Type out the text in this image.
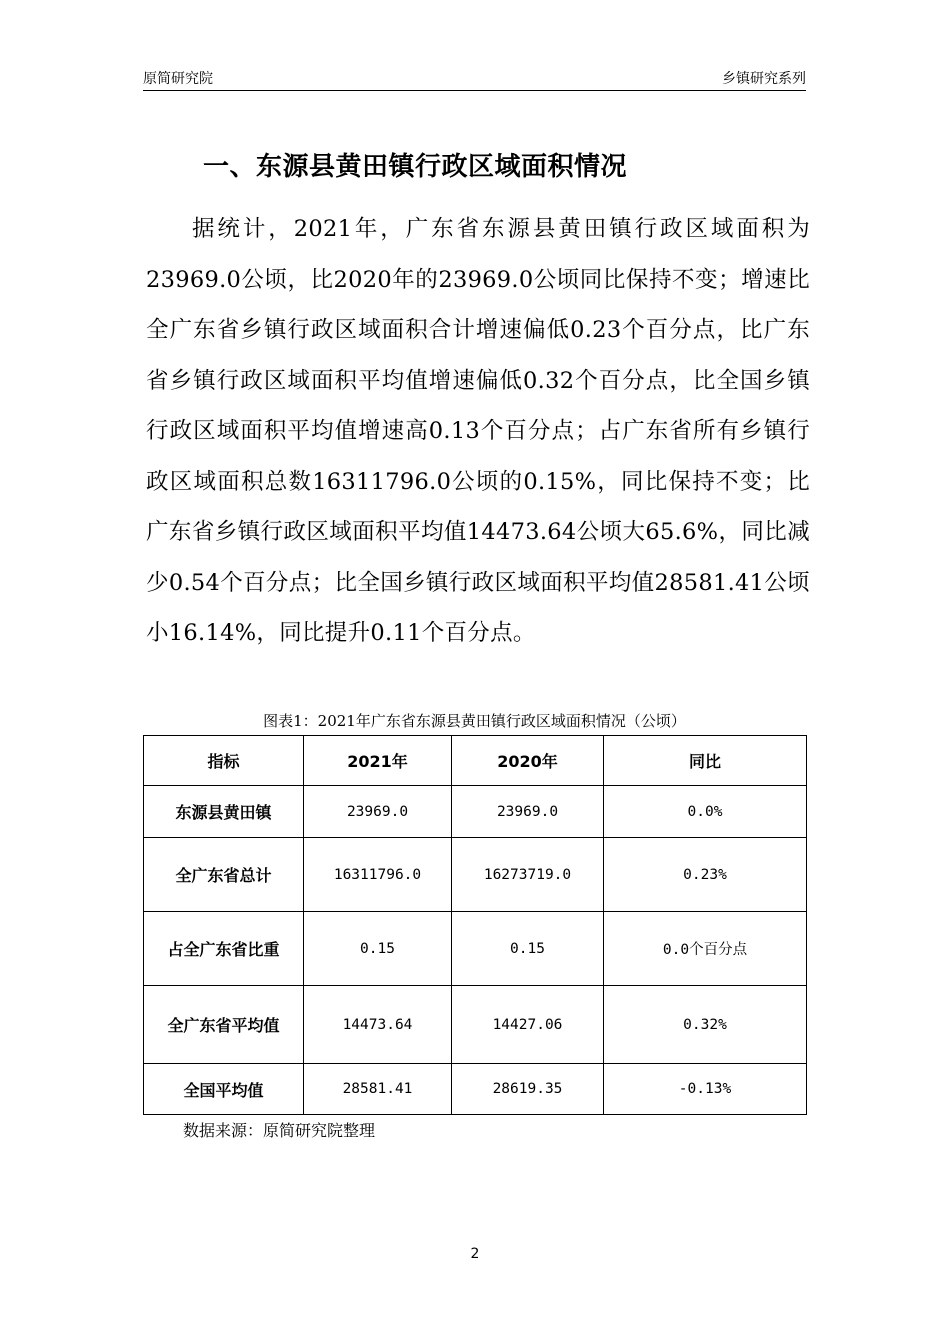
原简研究院	乡镇研究系列
一、东源县黄田镇行政区域面积情况

据统计，2021年，广东省东源县黄田镇行政区域面积为23969.0公顷，比2020年的23969.0公顷同比保持不变；增速比全广东省乡镇行政区域面积合计增速偏低0.23个百分点，比广东省乡镇行政区域面积平均值增速偏低0.32个百分点，比全国乡镇行政区域面积平均值增速高0.13个百分点；占广东省所有乡镇行政区域面积总数16311796.0公顷的0.15%，同比保持不变；比广东省乡镇行政区域面积平均值14473.64公顷大65.6%，同比减少0.54个百分点；比全国乡镇行政区域面积平均值28581.41公顷小16.14%，同比提升0.11个百分点。

图表1：2021年广东省东源县黄田镇行政区域面积情况（公顷）
指标	2021年	2020年	同比
东源县黄田镇	23969.0	23969.0	0.0%
全广东省总计	16311796.0	16273719.0	0.23%
占全广东省比重	0.15	0.15	0.0个百分点
全广东省平均值	14473.64	14427.06	0.32%
全国平均值	28581.41	28619.35	-0.13%
数据来源：原简研究院整理
2
